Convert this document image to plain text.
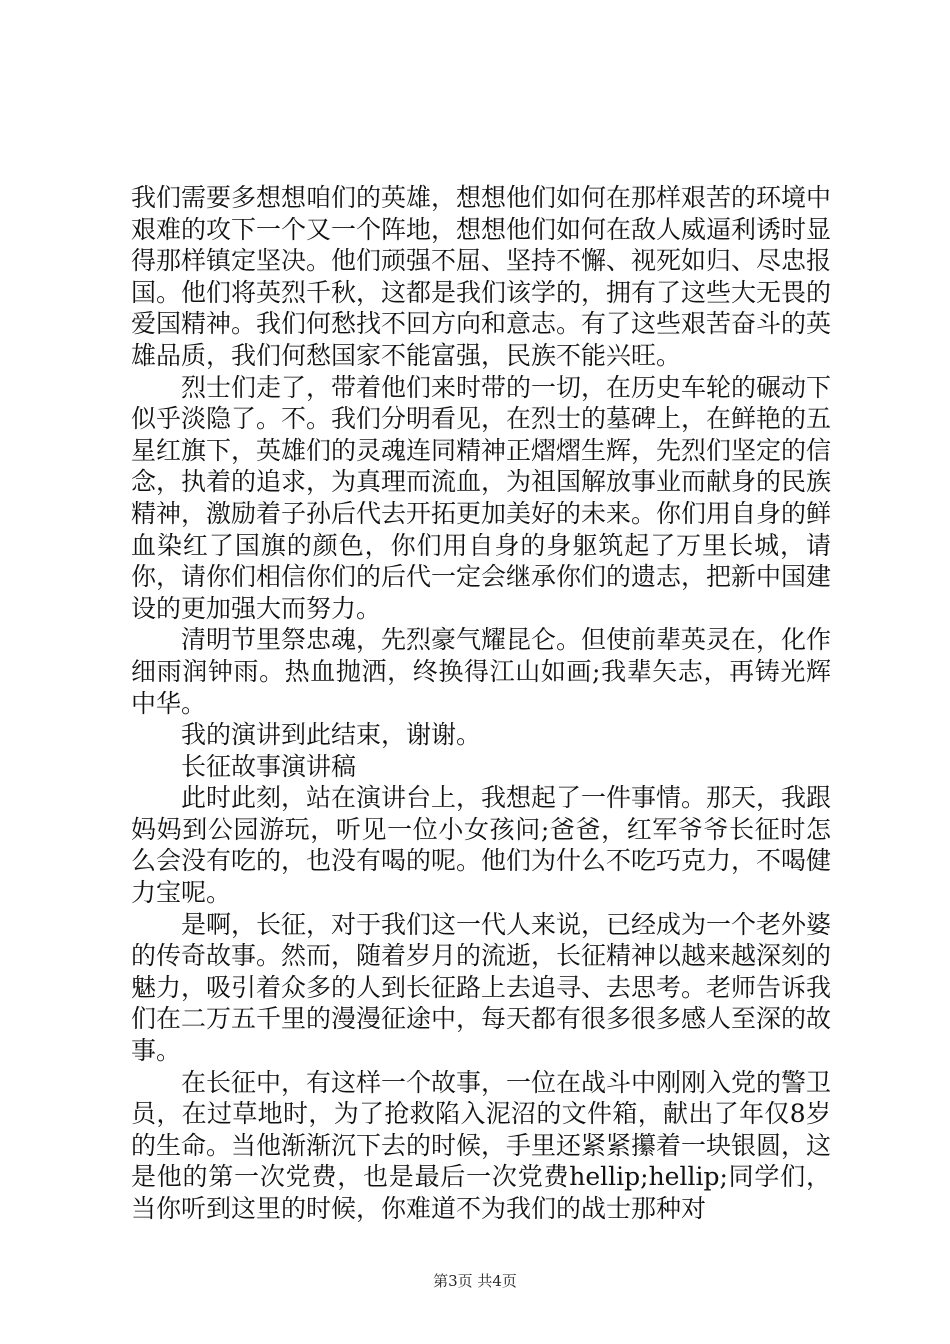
我们需要多想想咱们的英雄，想想他们如何在那样艰苦的环境中艰难的攻下一个又一个阵地，想想他们如何在敌人威逼利诱时显得那样镇定坚决。他们顽强不屈、坚持不懈、视死如归、尽忠报国。他们将英烈千秋，这都是我们该学的，拥有了这些大无畏的爱国精神。我们何愁找不回方向和意志。有了这些艰苦奋斗的英雄品质，我们何愁国家不能富强，民族不能兴旺。

烈士们走了，带着他们来时带的一切，在历史车轮的碾动下似乎淡隐了。不。我们分明看见，在烈士的墓碑上，在鲜艳的五星红旗下，英雄们的灵魂连同精神正熠熠生辉，先烈们坚定的信念，执着的追求，为真理而流血，为祖国解放事业而献身的民族精神，激励着子孙后代去开拓更加美好的未来。你们用自身的鲜血染红了国旗的颜色，你们用自身的身躯筑起了万里长城，请你，请你们相信你们的后代一定会继承你们的遗志，把新中国建设的更加强大而努力。

清明节里祭忠魂，先烈豪气耀昆仑。但使前辈英灵在，化作细雨润钟雨。热血抛洒，终换得江山如画;我辈矢志，再铸光辉中华。

我的演讲到此结束，谢谢。

长征故事演讲稿

此时此刻，站在演讲台上，我想起了一件事情。那天，我跟妈妈到公园游玩，听见一位小女孩问;爸爸，红军爷爷长征时怎么会没有吃的，也没有喝的呢。他们为什么不吃巧克力，不喝健力宝呢。

是啊，长征，对于我们这一代人来说，已经成为一个老外婆的传奇故事。然而，随着岁月的流逝，长征精神以越来越深刻的魅力，吸引着众多的人到长征路上去追寻、去思考。老师告诉我们在二万五千里的漫漫征途中，每天都有很多很多感人至深的故事。

在长征中，有这样一个故事，一位在战斗中刚刚入党的警卫员，在过草地时，为了抢救陷入泥沼的文件箱，献出了年仅8岁的生命。当他渐渐沉下去的时候，手里还紧紧攥着一块银圆，这是他的第一次党费，也是最后一次党费hellip;hellip;同学们，当你听到这里的时候，你难道不为我们的战士那种对

第3页 共4页
